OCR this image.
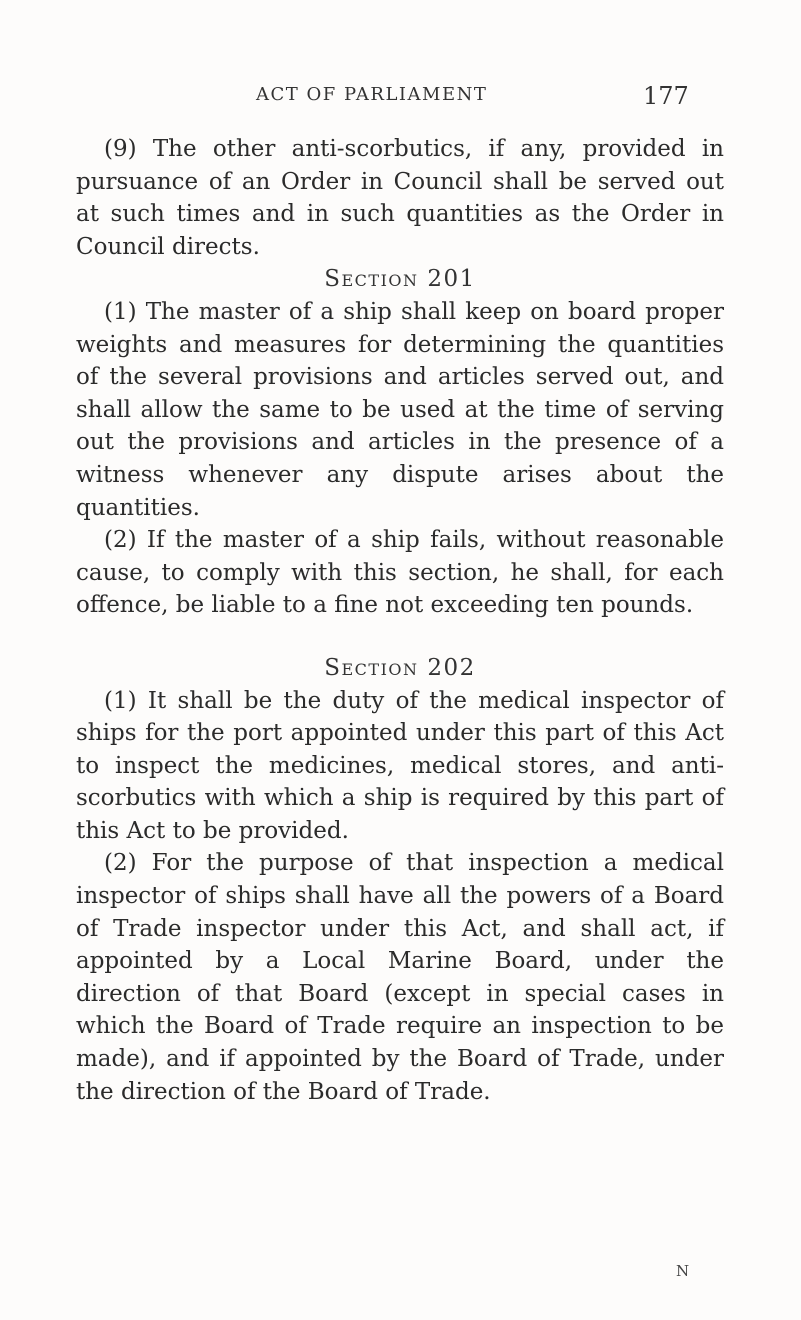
ACT OF PARLIAMENT	177

(9) The other anti-scorbutics, if any, provided in pursuance of an Order in Council shall be served out at such times and in such quantities as the Order in Council directs.

Section 201

(1) The master of a ship shall keep on board proper weights and measures for determining the quantities of the several provisions and articles served out, and shall allow the same to be used at the time of serving out the provisions and articles in the presence of a witness whenever any dispute arises about the quantities.

(2) If the master of a ship fails, without reasonable cause, to comply with this section, he shall, for each offence, be liable to a fine not exceeding ten pounds.

Section 202

(1) It shall be the duty of the medical inspector of ships for the port appointed under this part of this Act to inspect the medicines, medical stores, and anti-scorbutics with which a ship is required by this part of this Act to be provided.

(2) For the purpose of that inspection a medical inspector of ships shall have all the powers of a Board of Trade inspector under this Act, and shall act, if appointed by a Local Marine Board, under the direction of that Board (except in special cases in which the Board of Trade require an inspection to be made), and if appointed by the Board of Trade, under the direction of the Board of Trade.

N
